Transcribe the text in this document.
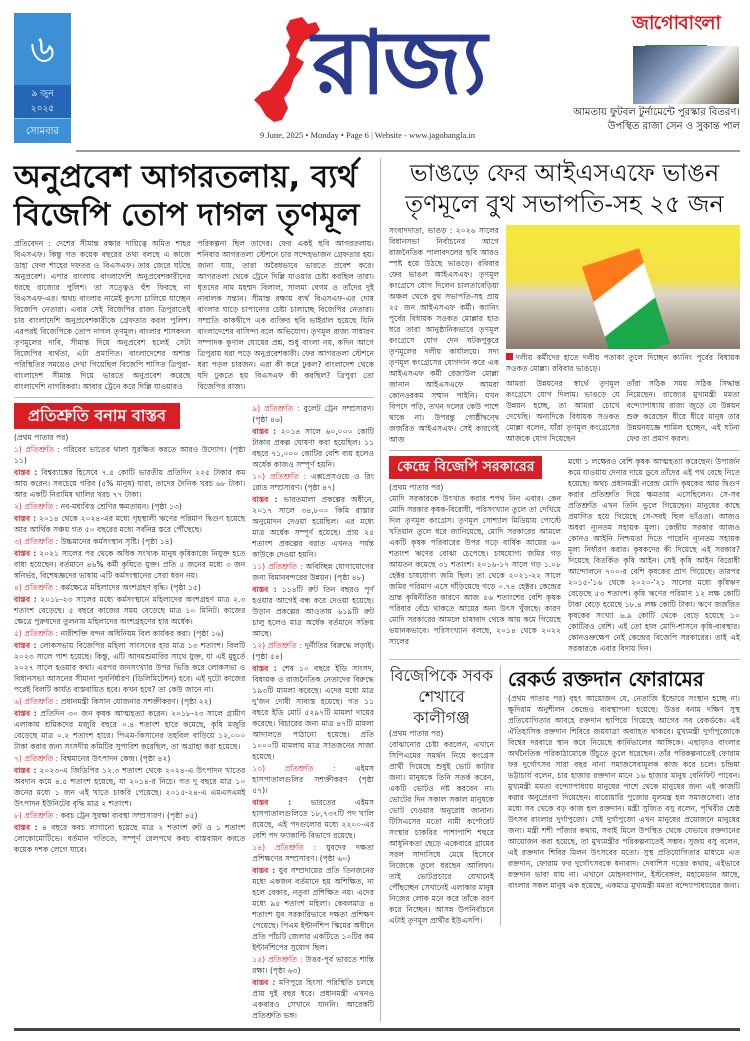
৬
৯ জুন
২০২৫
সোমবার
রাজ্য
9 June, 2025 • Monday • Page 6 | Website - www.jagobangla.in
জাগোবাংলা
আমতায় ফুটবল টুর্নামেন্টে পুরস্কার বিতরণ।
উপস্থিত রাজা সেন ও সুকান্ত পাল
অনুপ্রবেশ আগরতলায়, ব্যর্থ
বিজেপি তোপ দাগল তৃণমূল
প্রতিবেদন : দেশের সীমান্ত রক্ষার দায়িত্বে অমিত শাহর বিএসএফ। কিন্তু গত কয়েক বছরের তথ্য বলছে এ কাজে ডাহা ফেল শাহের দফতর ও বিএসএফ। তার জেরে ঘটছে অনুপ্রবেশ। এপার বাংলায় বাংলাদেশি অনুপ্রবেশকারীদের ধরছে রাজ্যের পুলিশ। তা সত্ত্বেও হুঁশ ফিরছে না বিএসএফ-এর। অথচ বাংলার নামেই কুৎসা চালিয়ে যাচ্ছেন বিজেপি নেতারা। এবার সেই বিজেপির রাজ্য ত্রিপুরাতেই চার বাংলাদেশি অনুপ্রবেশকারীকে গ্রেফতার করল পুলিশ। এরপরই বিজেপিকে তোপ দাগল তৃণমূল। বাংলার শাসকদল তৃণমূলের দাবি, সীমান্ত দিয়ে অনুপ্রবেশ হলেই সেটা বিজেপির ব্যর্থতা, এটা প্রমাণিত। বাংলাদেশের অশান্ত পরিস্থিতির সময়েও দেখা গিয়েছিল বিজেপি শাসিত ত্রিপুরা-বাংলাদেশ সীমান্ত দিয়ে ভারতে অনুপ্রবেশ করেছে বাংলাদেশি নাগরিকরা। আবার ট্রেনে করে দিল্লি যাওয়ারও
পরিকল্পনা ছিল তাদের। ফের একই ছবি আগরতলায়। শনিবার আগরতলা স্টেশনে চার সন্দেহভাজন গ্রেফতার হয়। জানা যায়, তারা অবৈধভাবে ভারতে প্রবেশ করে। আগরতলা থেকে ট্রেনে দিল্লি যাওয়ার চেষ্টা করছিল তারা। ধৃতদের নাম মহম্মদ বিলাল, সালমা বেগম ও তাঁদের দুই নাবালক সন্তান। সীমান্ত রক্ষায় ব্যর্থ বিএসএফ-এর দোষ বাংলার ঘাড়ে চাপানোর চেষ্টা চালাচ্ছে বিজেপির নেতারা। সম্প্রতি কাকদ্বীপে এক ব্যক্তির ছবি ভাইরাল হয়েছে যিনি বাংলাদেশের বাসিন্দা বলে অভিযোগ। তৃণমূল রাজ্য সাধারণ সম্পাদক কুণাল ঘোষের প্রশ্ন, শুধু বাংলা নয়, কদিন আগে ত্রিপুরায় ধরা পড়ে অনুপ্রবেশকারী। ফের আগরতলা স্টেশনে ধরা পড়ল চারজন। এরা কী করে ঢুকল? বাংলাদেশ থেকে যদি ঢুকতে হয় বিএসএফ কী করছিল? ত্রিপুরা তো বিজেপির রাজ্য।
প্রতিশ্রুতি বনাম বাস্তব
(প্রথম পাতার পর)
১) প্রতিশ্রুতি : গরিবের ভাতের থালা সুরক্ষিত করতে আরও উদ্যোগ। (পৃষ্ঠা ১১)
বাস্তব : বিশ্বব্যাঙ্কের হিসেবে ৭.৫ কোটি ভারতীয় প্রতিদিন ২২৫ টাকার কম আয় করেন। সবচেয়ে গরিব (৫% মানুষ) যারা, তাদের দৈনিক খরচ ৬৮ টাকা। আর একটি নিরামিষ থালির খরচ ৭৭ টাকা।
২) প্রতিশ্রুতি : নব-মধ্যবিত্ত শ্রেণির ক্ষমতায়ন। (পৃষ্ঠা ১৩)
বাস্তব : ২০১৪ থেকে ২০২৪-এর মধ্যে গৃহস্থালী ঋণের পরিমাণ দ্বিগুণ হয়েছে আর আর্থিক সঞ্চয় গত ৫০ বছরের মধ্যে সর্বনিম্ন স্তরে পৌঁছেছে।
৩) প্রতিশ্রুতি : উচ্চমানের কর্মসংস্থান সৃষ্টি। (পৃষ্ঠা ১৪)
বাস্তব : ২০২১ সালের পর থেকে অধিক সংখ্যক মানুষ কৃষিকাজে নিযুক্ত হতে বাধ্য হয়েছেন। বর্তমানে ৪৬% কর্মী কৃষিতে যুক্ত। প্রতি ৫ জনের মধ্যে ৩ জন স্বনির্ভর, বিশেষজ্ঞদের ভাষায় এটি কর্মসংস্থানের সেরা ধরন নয়।
৪) প্রতিশ্রুতি : কর্মক্ষেত্রে মহিলাদের অংশগ্রহণ বৃদ্ধি। (পৃষ্ঠা ১৫)
বাস্তব : ২০১৮-২৩ সালের মধ্যে কর্মসংস্থানে মহিলাদের অংশগ্রহণ মাত্র ২.৩ শতাংশ বেড়েছে। ৫ বছরে কাজের সময় বেড়েছে মাত্র ১০ মিনিট। কাজের ক্ষেত্রে পুরুষদের তুলনায় মহিলাদের অংশগ্রহণের হার অর্ধেক।
৫) প্রতিশ্রুতি : নারীশক্তি বন্দন অধিনিয়ম বিল কার্যকর করা। (পৃষ্ঠা ১৬)
বাস্তব : লোকসভায় বিজেপির মহিলা সাংসদের হার মাত্র ১৩ শতাংশ। বিলটি ২০২৩ সালে পাশ হয়েছে। কিন্তু, এটি আদমশুমারির সাথে যুক্ত, যা এই মুহূর্তে ২০২৭ সালে হওয়ার কথা। এরপর জনসংখ্যার উপর ভিত্তি করে লোকসভা ও বিধানসভা আসনের সীমানা পুনর্নির্ধারণ (ডিলিমিটেশন) হবে। এই দুটো কাজের পরেই বিলটি কার্যত বাস্তবায়িত হবে। কখন হবে? তা কেউ জানে না।
৬) প্রতিশ্রুতি : প্রধানমন্ত্রী কিসান যোজনার সশক্তীকরণ। (পৃষ্ঠা ২২)
বাস্তব : প্রতিদিন ৩০ জন কৃষক আত্মহত্যা করেন। ২০১৮-২৩ সালে গ্রামীণ এলাকায় শ্রমিকদের মজুরি বছরে ০.৪ শতাংশ হারে কমেছে, কৃষি মজুরি বেড়েছে মাত্র ০.২ শতাংশ হারে। পিএম-কিসানের তহবিল বাড়িয়ে ১২,০০০ টাকা করার জন্য সংসদীয় কমিটির সুপারিশ করেছিল, তা অগ্রাহ্য করা হয়েছে।
৭) প্রতিশ্রুতি : বিশ্বমানের উৎপাদন কেন্দ্র। (পৃষ্ঠা ৪২)
বাস্তব : ২০২৩-এ জিডিপির ১২.৩ শতাংশ থেকে ২০২৪-এ উৎপাদন খাতের অবদান কমে ৪.৫ শতাংশ হয়েছে, যা ২০১৪-র নিচে। গত দু বছরে মাত্র ১০ জনের মধ্যে ১ জন এই খাতে চাকরি পেয়েছে। ২০১৫-২৪-এ এমএসএমই উৎপাদন ইউনিটের বৃদ্ধি মাত্র ২ শতাংশ।
৮) প্রতিশ্রুতি : কবচ ট্রেন সুরক্ষা ব্যবস্থা সম্প্রসারণ। (পৃষ্ঠা ৪৫)
বাস্তব : ৪ বছরে কবচ লাগানো হয়েছে মাত্র ২ শতাংশ রুট ও ১ শতাংশ লোকোমোটিভে। বর্তমান গতিতে, সম্পূর্ণ রেলপথে কবচ বাস্তবায়ন করতে কয়েক দশক লেগে যাবে।
৯) প্রতিশ্রুতি : বুলেট ট্রেন সম্প্রসারণ। (পৃষ্ঠা ৪৬)
বাস্তব : ২০১৪ সালে ৬০,০০০ কোটি টাকার প্রকল্প ঘোষণা করা হয়েছিল। ১১ বছরে ৭১,০০০ কোটির বেশি ব্যয় হলেও অর্ধেক কাজও সম্পূর্ণ হয়নি।
১০) প্রতিশ্রুতি : এক্সপ্রেসওয়ে ও রিং রোড সম্প্রসারণ। (পৃষ্ঠা ৪৭)
বাস্তব : ভারতমালা প্রকল্পের অধীনে, ২০১৭ সালে ৩৪,৮০০ কিমি রাস্তার অনুমোদন দেওয়া হয়েছিল। এর মধ্যে মাত্র অর্ধেক সম্পূর্ণ হয়েছে। প্রায় ২৫ শতাংশ প্রকল্পের বরাত এখনও পর্যন্ত কাউকে দেওয়া হয়নি।
১১) প্রতিশ্রুতি : অবিচ্ছিন্ন যোগাযোগের জন্য বিমানবন্দরের উন্নয়ন। (পৃষ্ঠা ৪৮)
বাস্তব : ১১৪টি রুট তিন বছরও পূর্ণ হওয়ার আগেই বন্ধ করে দেওয়া হয়েছে। উড়ান প্রকল্পের আওতায় ৬১৯টি রুট চালু হলেও মাত্র অর্ধেক বর্তমানে সক্রিয় আছে।
১২) প্রতিশ্রুতি : দুর্নীতির বিরুদ্ধে লড়াই। (পৃষ্ঠা ৫৪)
বাস্তব : শেষ ১০ বছরে ইডি সাংসদ, বিধায়ক ও রাজনৈতিক নেতাদের বিরুদ্ধে ১৯৩টি মামলা করেছে। এদের মধ্যে মাত্র দু'জন দোষী সাব্যস্ত হয়েছে। গত ১১ বছরে ইডি মোট ৫২৯৭টি মামলা দায়ের করেছে। বিচারের জন্য মাত্র ৪৭টি মামলা আদালতে পাঠানো হয়েছে। প্রতি ১০০০টি মামলায় মাত্র সাতজনের সাজা হয়েছে।
১৩) প্রতিশ্রুতি :	এইমস হাসপাতালগুলির সশক্তীকরণ (পৃষ্ঠা ৫৭)।
বাস্তব :	ভারতের এইমস হাসপাতালগুলিতে ১৮,৭৩৭টি পদ খালি রয়েছে, এই পদগুলোর মধ্যে ২২০০-এর বেশি পদ ফ্যাকাল্টি বিভাগে রয়েছে।
১৪) প্রতিশ্রুতি : যুবদের দক্ষতা প্রশিক্ষণের সম্প্রসারণ। (পৃষ্ঠা ৬০)
বাস্তব : যুব সম্প্রদায়ের প্রতি তিনজনের মধ্যে একজন বর্তমানে হয় অশিক্ষিত, না হলে বেকার, নতুবা প্রশিক্ষিত নয়। এদের মধ্যে ৯৫ শতাংশ মহিলা। কেবলমাত্র ৪ শতাংশ যুব সরকারিভাবে দক্ষতা প্রশিক্ষণ পেয়েছে। পিএম ইন্টার্নশিপ স্কিমের অধীনে প্রতি পাঁচটি জেলার একটিতে ১০টির কম ইন্টার্নশিপের সুযোগ ছিল।
১৫) প্রতিশ্রুতি : উত্তর-পূর্ব ভারতে শান্তি রক্ষা। (পৃষ্ঠা ৬৩)
বাস্তব : মণিপুরে হিংসা পরিস্থিতি চলছে প্রায় দুই বছর ধরে। প্রধানমন্ত্রী এখনও একবারও সেখানে যাননি। আরেকটি প্রতিশ্রুতি ভঙ্গ।
ভাঙড়ে ফের আইএসএফে ভাঙন
তৃণমূলে বুথ সভাপতি-সহ ২৫ জন
সংবাদদাতা, ভাঙড় : ২০২৬ সালের বিধানসভা নির্বাচনের আগে রাজনৈতিক পালাবদলের ছবি আরও স্পষ্ট হয়ে উঠছে ভাঙড়ে। রবিবার ফের ভাঙল আইএসএফ। তৃণমূল কংগ্রেসে যোগ দিলেন চালতাবেড়িয়া অঞ্চল থেকে বুথ সভাপতি-সহ প্রায় ২৫ জন আইএসএফ কর্মী। ক্যানিং পূর্বের বিধায়ক সওকত মোল্লার হাত ধরে তারা আনুষ্ঠানিকভাবে তৃণমূল কংগ্রেসে যোগ দেন ঘটকপুকুরে তৃণমূলের দলীয় কার্যালয়ে। সদ্য তৃণমূল কংগ্রেসের যোগদান করে এক আইএসএফ কর্মী রেজাউল মোল্লা জানান আইএসএফে আমরা কোনওরকম সম্মান পাইনি। যখন বিপদে পড়ি, তখন দলের কেউ পাশে থাকে না। উপরন্তু গোষ্ঠীদ্বন্দ্বে জর্জরিত আইএসএফ। সেই কারণেই আজ
দলীয় কর্মীদের হাতে দলীয় পতাকা তুলে দিচ্ছেন ক্যানিং পূর্বের বিধায়ক সওকত মোল্লা। রবিবার ভাঙড়ে।
আমরা উন্নয়নের স্বার্থে তৃণমূল কংগ্রেসে যোগ দিলাম। ভাঙড়ে যে উন্নয়ন হচ্ছে, তা আমরা চোখে দেখেছি। অন্যদিকে বিধায়ক সওকত মোল্লা বলেন, যাঁরা তৃণমূল কংগ্রেসের আজকে যোগ দিয়েছেন
তাঁরা সঠিক সময় সঠিক সিদ্ধান্ত নিয়েছেন। রাজ্যের মুখ্যমন্ত্রী মমতা বন্দ্যোপাধ্যায় রাজ্য জুড়ে যে উন্নয়ন শুরু করেছেন ধীরে ধীরে মানুষ তার উন্নয়নযজ্ঞে শামিল হচ্ছেন, এই ঘটনা ফের তা প্রমাণ করল।
কেন্দ্রে বিজেপি সরকারের
(প্রথম পাতার পর)
মোদি সরকারকে উৎখাত করার শপথ নিন এবার। কেন মোদি সরকার কৃষক-বিরোধী, পরিসংখ্যান তুলে তা দেখিয়ে দিল তৃণমূল কংগ্রেস। তৃণমূল সোশ্যাল মিডিয়ায় পোস্টে খতিয়ান তুলে ধরে জানিয়েছে, মোদি সরকারের আমলে একটি কৃষক পরিবারের উপর গড়ে বার্ষিক আয়ের ৬০ শতাংশ ঋণের বোঝা চেপেছে। চাষযোগ্য জমির গড় আয়তন কমেছে ৩১ শতাংশ। ২০১৬-১৭ সালে গড় ১.০৮ হেক্টর চাষযোগ্য জমি ছিল। তা থেকে ২০২১-২২ সালে জমির পরিমাণ এসে দাঁড়িয়েছে গড়ে ০.৭৪ হেক্টর। কেন্দ্রের ভ্রান্ত কৃষিনীতির কারণে আজ ৫৬ শতাংশের বেশি কৃষক পরিবার বেঁচে থাকতে আয়ের অন্য উৎস খুঁজছে। কারণ মোদি সরকারের আমলে চাষাবাদ থেকে আয় কমে গিয়েছে ভয়ানকভাবে। পরিসংখ্যান বলছে, ২০১৪ থেকে ২০২২ সালের
মধ্যে ১ লক্ষেরও বেশি কৃষক আত্মহত্যা করেছেন। উপার্জন কমে যাওয়ায় দেনার দায়ে ডুবে তাঁদের এই পথ বেছে নিতে হয়েছে। অথচ প্রধানমন্ত্রী নরেন্দ্র মোদি কৃষকের আয় দ্বিগুণ করার প্রতিশ্রুতি দিয়ে ক্ষমতায় এসেছিলেন। সে-সব প্রতিশ্রুতি এখন তিনি ভুলে গিয়েছেন। মানুষের কাছে প্রমাণিত হয়ে গিয়েছে সে-সবই ছিল ভাঁওতা। আজও অধরা ন্যূনতম সহায়ক মূল্য। কেন্দ্রীয় সরকার আজও কোনও আইনি নিশ্চয়তা দিতে পারেনি ন্যূনতম সহায়ক মূল্য নির্ধারণ করার। কৃষকদের কী দিয়েছে এই সরকার? দিয়েছে বিতর্কিত কৃষি আইন। সেই কৃষি আইন বিরোধী আন্দোলনে ৭০০-র বেশি কৃষকের প্রাণ গিয়েছে। তারপর ২০১৫-'১৬ থেকে ২০২০-'২১ সালের মধ্যে কৃষিঋণ বেড়েছে ৫৩ শতাংশ। কৃষি ঋণের পরিমাণ ১২ লক্ষ কোটি টাকা বেড়ে হয়েছে ১৮.৪ লক্ষ কোটি টাকা। ঋণে জর্জরিত কৃষকের সংখ্যা ৬.৯ কোটি থেকে বেড়ে হয়েছে ১০ কোটিরও বেশি। এই তো হাল মোদি-শাসনে কৃষি-ব্যবস্থার। কোনওভ্রুক্ষেপ নেই কেন্দ্রের বিজেপি সরকারের। তাই এই সরকারকে এবার বিদায় দিন।
বিজেপিকে সবক
শেখাবে কালীগঞ্জ
(প্রথম পাতার পর)
বোঝানোর চেষ্টা করলেন, এখানে সিপিএমের সমর্থন নিয়ে কংগ্রেস প্রার্থী দিয়েছে শুধুই ভোট কাটার জন্য। মানুষকে তিনি সতর্ক করেন, একটি ভোটও নষ্ট করবেন না। ভোটের দিন সকাল সকাল মানুষকে ভোট দেওয়ার অনুরোধ জানান। টিসিএসের মতো নামী কর্পোরেট সংস্থার চাকরির পাশাপাশি শহুরে আধুনিকতা ছেড়ে একেবারে গ্রামের সরল সাদাসিধে মেয়ে হিসেবে নিজেকে তুলে ধরছেন আলিফা। তাই ভোটপ্রচারে যেখানেই পৌঁছচ্ছেন সেখানেই এলাকার মানুষ নিজের লোক মনে করে তাঁকে বরণ করে নিচ্ছেন। আসন্ন উপনির্বাচনে এটাই তৃণমূল প্রার্থীর ইউএসপি।
রেকর্ড রক্তদান ফোরামের
(প্রথম পাতার পর) বৃহৎ আয়োজন যে, নেতাজি ইন্ডোরে সংস্থান হচ্ছে না। ক্ষুদিরাম অনুশীলন কেন্দ্রেও ব্যবস্থাপনা হয়েছে। উত্তর বনাম দক্ষিণ সুস্থ প্রতিযোগিতার আবহে রক্তদান ছাপিয়ে গিয়েছে আগের সব রেকর্ডকে। এই ঐতিহাসিক রক্তদান শিবিরে জয়যাত্রা অব্যাহত থাকবে। মুখ্যমন্ত্রী দুর্গাপুজোকে বিশ্বের দরবারে স্থান করে নিয়েছে কার্নিভালের আঙ্গিকে। এছাড়াও বাংলার অর্থনৈতিক পরিকাঠামোকে উঁচুতে তুলে ধরেছেন। তাঁর পরিকল্পনাতেই ফোরাম ফর দুর্গোৎসব সারা বছর নানা সমাজসেবামূলক কাজ করে চলে। চন্দ্রিমা ভট্টাচার্য বলেন, চার হাজার রক্তদান মানে ১৬ হাজার মানুষ বেনিফিট পাবেন। মুখ্যমন্ত্রী মমতা বন্দ্যোপাধ্যায় মানুষের পাশে থেকে মানুষের জন্য এই কাজটি করার অনুপ্রেরণা দিয়েছেন। বারোয়ারি পুজোর মূলমন্ত্র হল সমাজসেবা। তার মধ্যে সব থেকে বড় কাজ হল রক্তদান। মন্ত্রী সুজিত বসু বলেন, পৃথিবীর শ্রেষ্ঠ উৎসব বাংলার দুর্গাপুজো। সেই দুর্গাপুজো এখন মানুষের প্রয়োজনে মানুষের জন্য। মন্ত্রী শশী পাঁজার কথায়, সবাই মিলে উপস্থিত থেকে যেভাবে রক্তদানের আয়োজন করা হয়েছে, তা মুখ্যমন্ত্রীর পরিকল্পনাতেই সম্ভব। সুজয় বসু বলেন, এই রক্তদান শিবির মিলন উৎসবের মতো। সুস্থ প্রতিযোগিতার মাধ্যমে এত রক্তদান, ফোরাম ফর দুর্গোৎসবকে ধন্যবাদ। দেবাশিস দত্তের কথায়, এইভাবে রক্তদান ভাবা যায় না। এখানে মোহনবাগান, ইস্টবেঙ্গল, মহামেডান আছে, বাংলার সকল মানুষ এক হয়েছে, একমাত্র মুখ্যমন্ত্রী মমতা বন্দ্যোপাধ্যায়ের জন্য।
